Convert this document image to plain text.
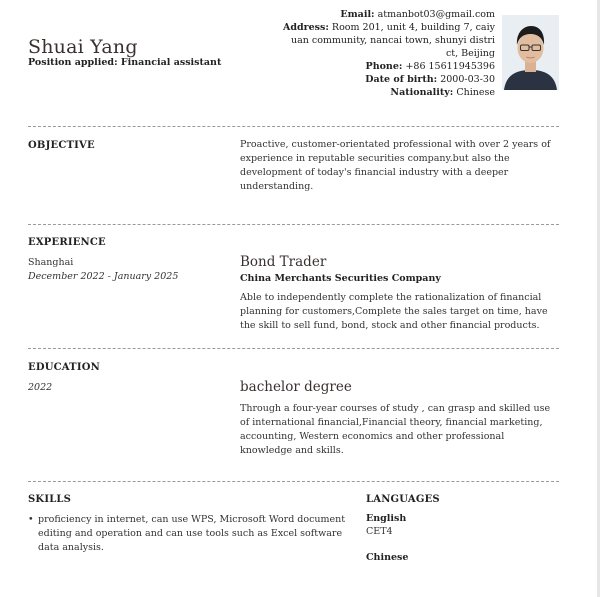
Shuai Yang
Position applied: Financial assistant
Email: atmanbot03@gmail.com
Address: Room 201, unit 4, building 7, caiy
uan community, nancai town, shunyi distri
ct, Beijing
Phone: +86 15611945396
Date of birth: 2000-03-30
Nationality: Chinese
OBJECTIVE	Proactive, customer-orientated professional with over 2 years of experience in reputable securities company.but also the development of today's financial industry with a deeper understanding.
EXPERIENCE
Shanghai
December 2022 - January 2025
Bond Trader
China Merchants Securities Company
Able to independently complete the rationalization of financial planning for customers,Complete the sales target on time, have the skill to sell fund, bond, stock and other financial products.
EDUCATION
2022	bachelor degree
Through a four-year courses of study , can grasp and skilled use of international financial,Financial theory, financial marketing, accounting, Western economics and other professional knowledge and skills.
SKILLS
• proficiency in internet, can use WPS, Microsoft Word document editing and operation and can use tools such as Excel software data analysis.
LANGUAGES
English
CET4
Chinese
